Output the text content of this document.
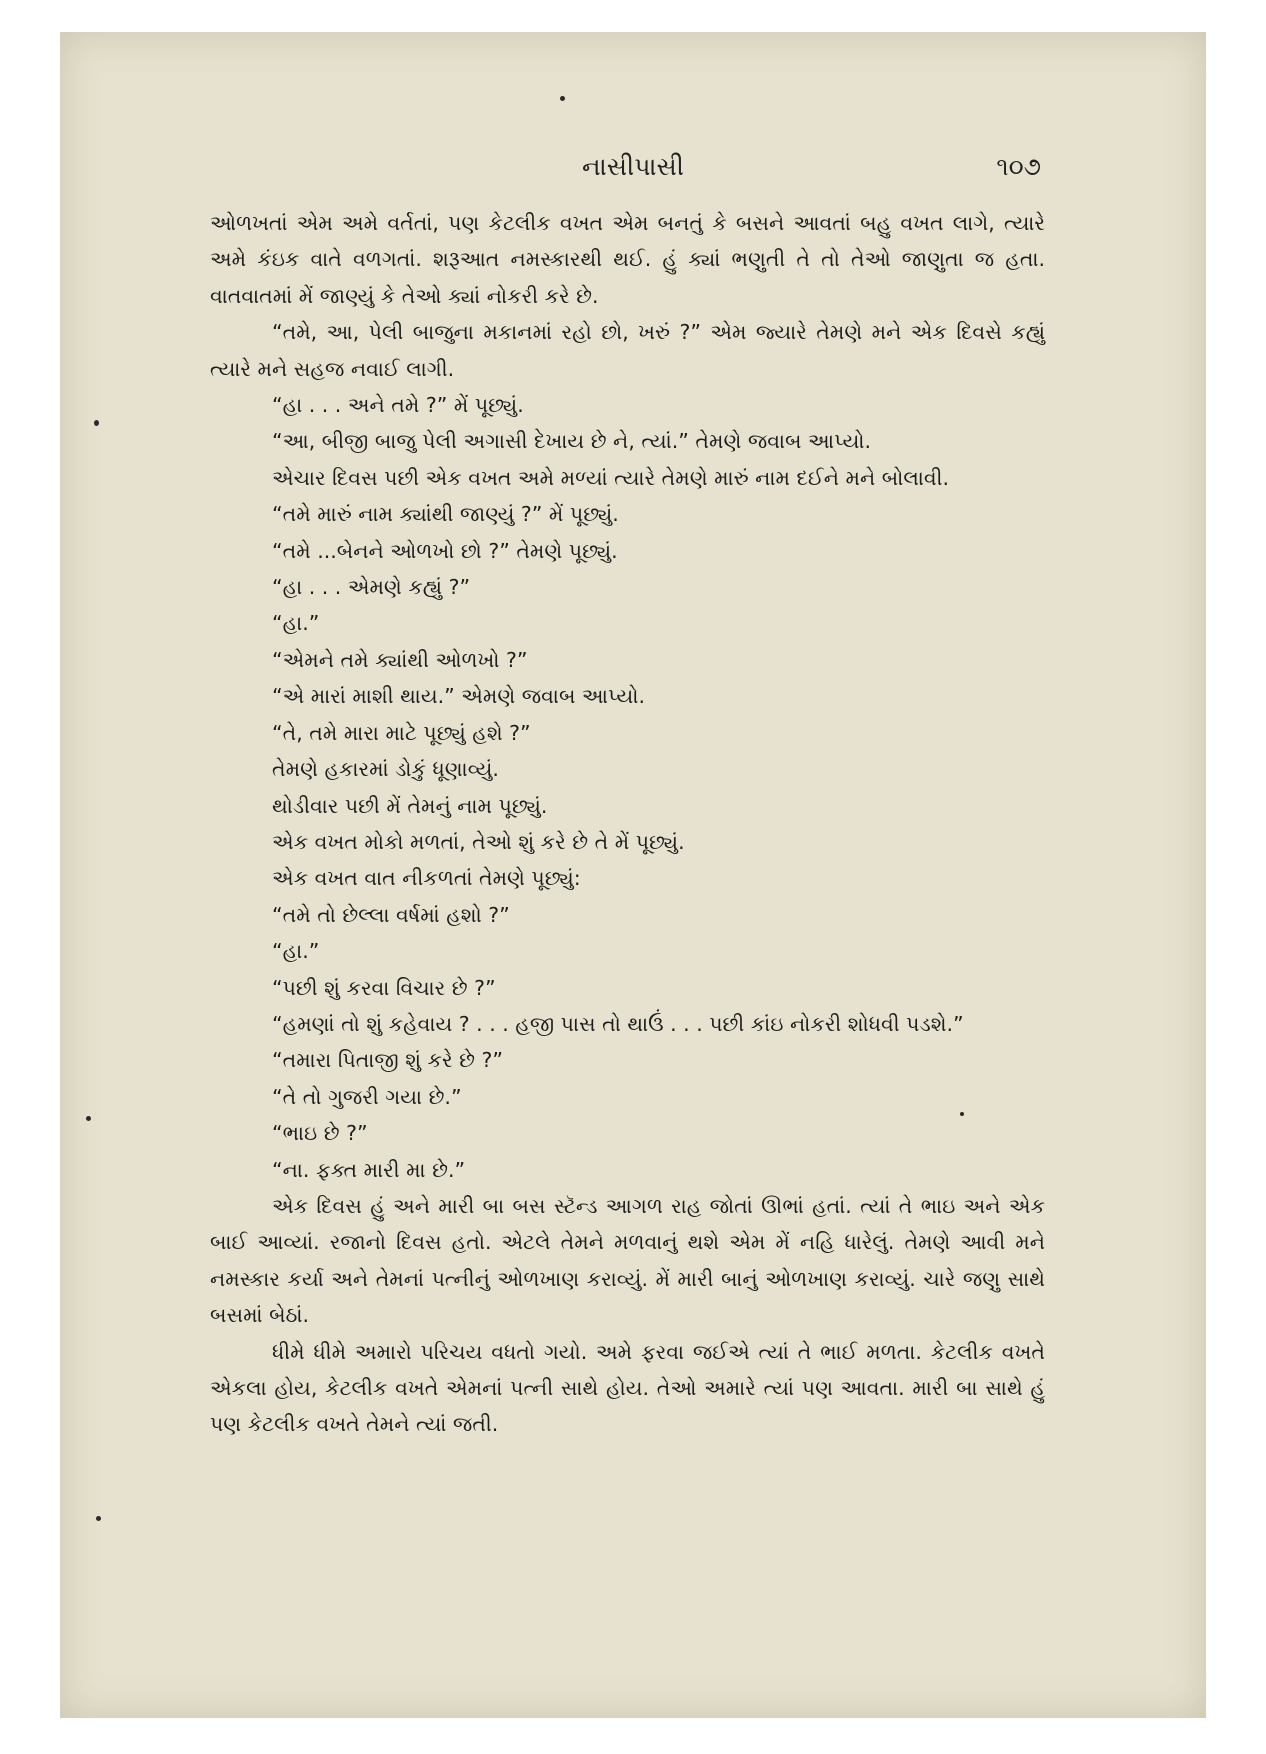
નાસીપાસી	૧૦૭

ઓળખતાં એમ અમે વર્તતાં, પણ કેટલીક વખત એમ બનતું કે બસને આવતાં બહુ વખત લાગે, ત્યારે અમે કંઇક વાતે વળગતાં. શરૂઆત નમસ્કારથી થઈ. હું ક્યાં ભણુતી તે તો તેઓ જાણુતા જ હતા. વાતવાતમાં મેં જાણ્યું કે તેઓ ક્યાં નોકરી કરે છે.

“તમે, આ, પેલી બાજુના મકાનમાં રહો છો, ખરું ?” એમ જ્યારે તેમણે મને એક દિવસે કહ્યું ત્યારે મને સહજ નવાઈ લાગી.

“હા . . . અને તમે ?” મેં પૂછ્યું.

“આ, બીજી બાજુ પેલી અગાસી દેખાય છે ને, ત્યાં.” તેમણે જવાબ આપ્યો.

એચાર દિવસ પછી એક વખત અમે મળ્યાં ત્યારે તેમણે મારું નામ દઈને મને બોલાવી.

“તમે મારું નામ ક્યાંથી જાણ્યું ?” મેં પૂછ્યું.

“તમે ...બેનને ઓળખો છો ?” તેમણે પૂછ્યું.

“હા . . . એમણે કહ્યું ?”

“હા.”

“એમને તમે ક્યાંથી ઓળખો ?”

“એ મારાં માશી થાય.” એમણે જવાબ આપ્યો.

“તે, તમે મારા માટે પૂછ્યું હશે ?”

તેમણે હકારમાં ડોકું ધૂણાવ્યું.

થોડીવાર પછી મેં તેમનું નામ પૂછ્યું.

એક વખત મોકો મળતાં, તેઓ શું કરે છે તે મેં પૂછ્યું.

એક વખત વાત નીકળતાં તેમણે પૂછ્યું:

“તમે તો છેલ્લા વર્ષમાં હશો ?”

“હા.”

“પછી શું કરવા વિચાર છે ?”

“હમણાં તો શું કહેવાય ? . . . હજી પાસ તો થાઉં . . . પછી કાંઇ નોકરી શોધવી પડશે.”

“તમારા પિતાજી શું કરે છે ?”

“તે તો ગુજરી ગયા છે.”

“ભાઇ છે ?”

“ના. ફક્ત મારી મા છે.”

એક દિવસ હું અને મારી બા બસ સ્ટૅન્ડ આગળ રાહ જોતાં ઊભાં હતાં. ત્યાં તે ભાઇ અને એક બાઈ આવ્યાં. રજાનો દિવસ હતો. એટલે તેમને મળવાનું થશે એમ મેં નહિ ધારેલું. તેમણે આવી મને નમસ્કાર કર્યા અને તેમનાં પત્નીનું ઓળખાણ કરાવ્યું. મેં મારી બાનું ઓળખાણ કરાવ્યું. ચારે જણુ સાથે બસમાં બેઠાં.

ધીમે ધીમે અમારો પરિચય વધતો ગયો. અમે ફરવા જઈએ ત્યાં તે ભાઈ મળતા. કેટલીક વખતે એકલા હોય, કેટલીક વખતે એમનાં પત્ની સાથે હોય. તેઓ અમારે ત્યાં પણ આવતા. મારી બા સાથે હું પણ કેટલીક વખતે તેમને ત્યાં જતી.
